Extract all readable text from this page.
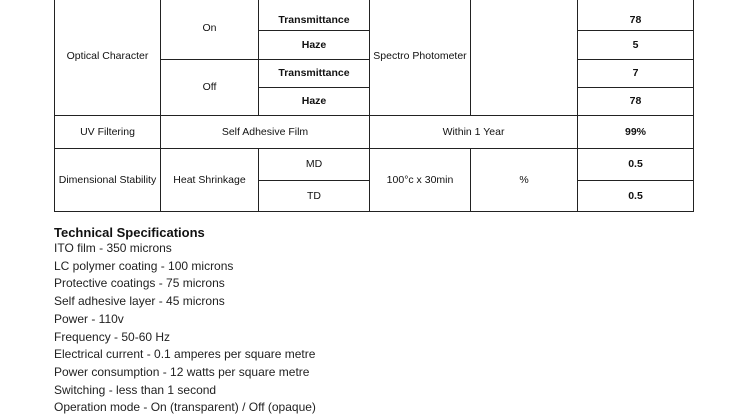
Optical Character	On	Transmittance	Spectro Photometer		78
		Haze			5
	Off	Transmittance			7
		Haze			78
UV Filtering	Self Adhesive Film		Within 1 Year		99%
Dimensional Stability	Heat Shrinkage	MD	100°c x 30min	%	0.5
		TD			0.5
Technical Specifications
ITO film - 350 microns
LC polymer coating - 100 microns
Protective coatings - 75 microns
Self adhesive layer - 45 microns
Power - 110v
Frequency - 50-60 Hz
Electrical current - 0.1 amperes per square metre
Power consumption - 12 watts per square metre
Switching - less than 1 second
Operation mode - On (transparent) / Off (opaque)
